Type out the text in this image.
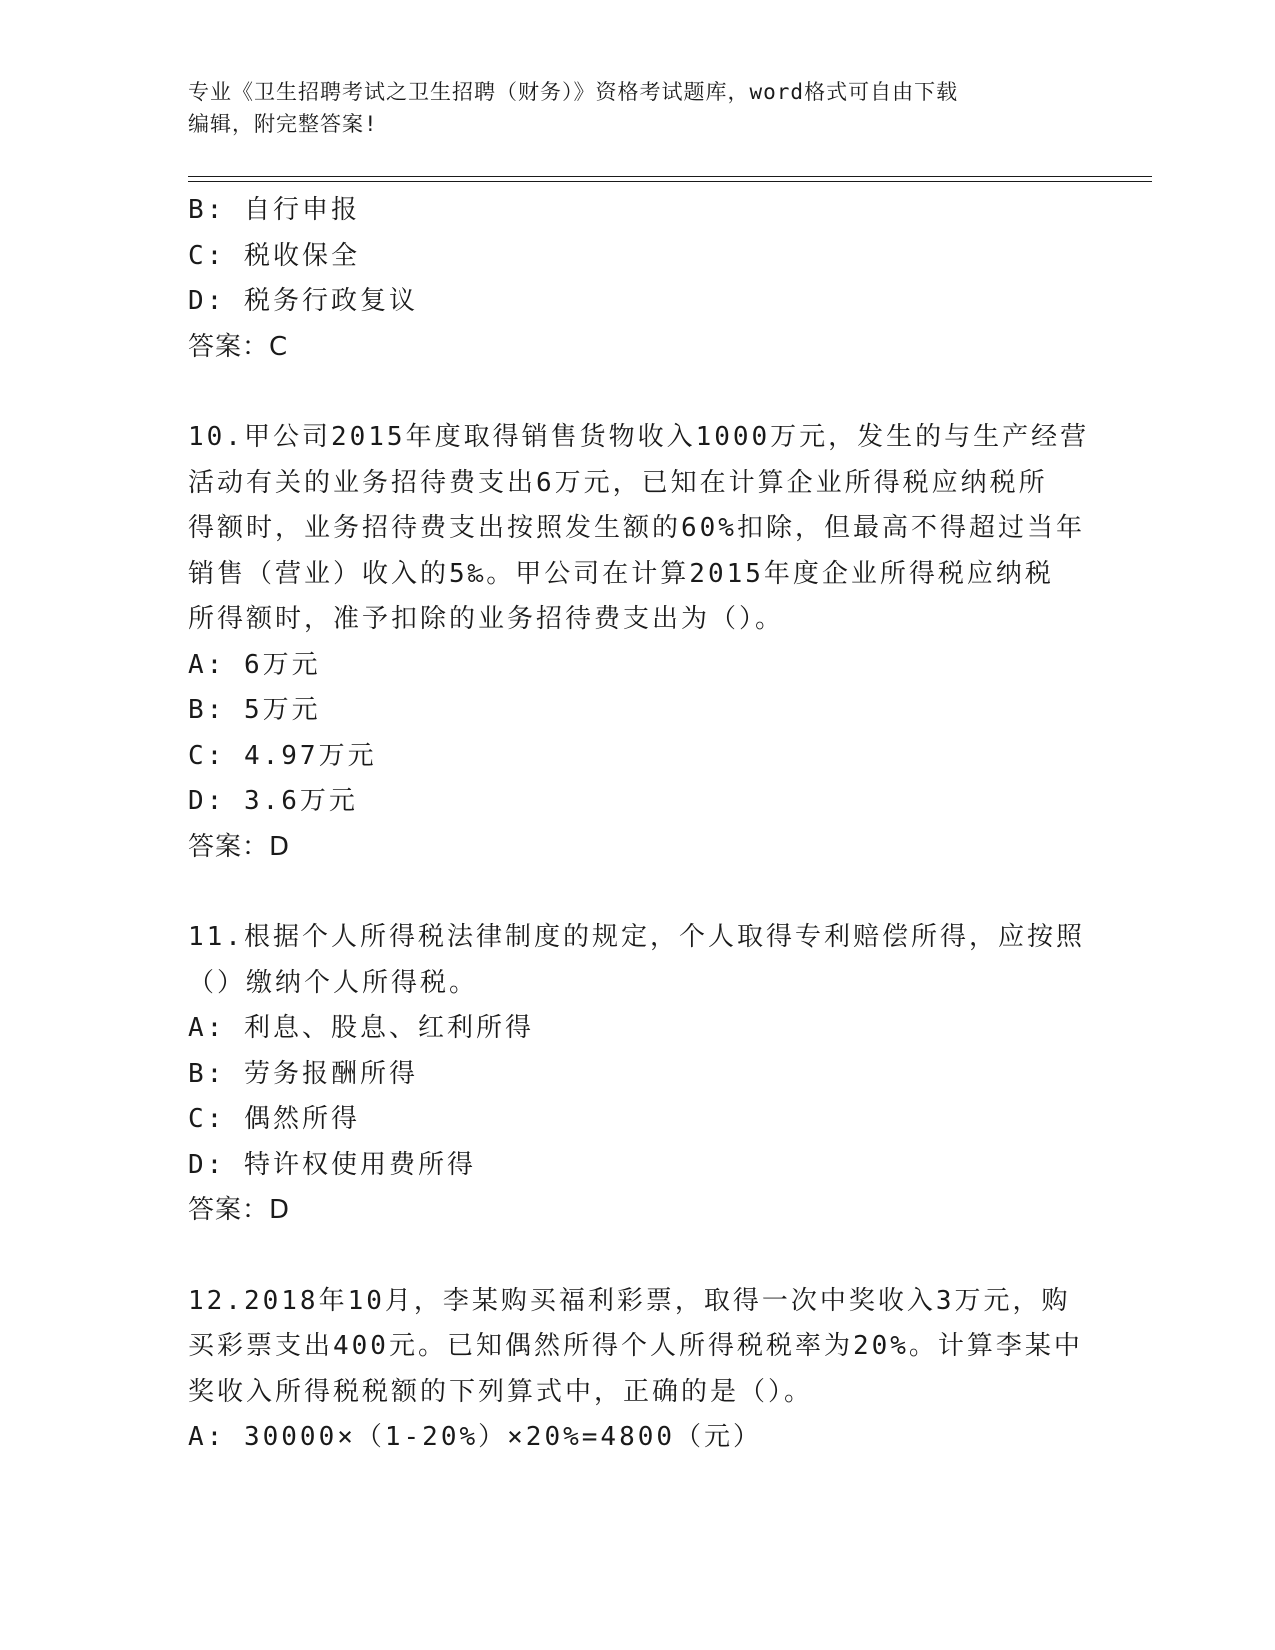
专业《卫生招聘考试之卫生招聘（财务）》资格考试题库，word格式可自由下载
编辑，附完整答案!
B: 自行申报
C: 税收保全
D: 税务行政复议
答案：C
10.甲公司2015年度取得销售货物收入1000万元，发生的与生产经营
活动有关的业务招待费支出6万元，已知在计算企业所得税应纳税所
得额时，业务招待费支出按照发生额的60%扣除，但最高不得超过当年
销售（营业）收入的5‰。甲公司在计算2015年度企业所得税应纳税
所得额时，准予扣除的业务招待费支出为（）。
A: 6万元
B: 5万元
C: 4.97万元
D: 3.6万元
答案：D
11.根据个人所得税法律制度的规定，个人取得专利赔偿所得，应按照
（）缴纳个人所得税。
A: 利息、股息、红利所得
B: 劳务报酬所得
C: 偶然所得
D: 特许权使用费所得
答案：D
12.2018年10月，李某购买福利彩票，取得一次中奖收入3万元，购
买彩票支出400元。已知偶然所得个人所得税税率为20%。计算李某中
奖收入所得税税额的下列算式中，正确的是（）。
A: 30000×（1-20%）×20%=4800（元）
